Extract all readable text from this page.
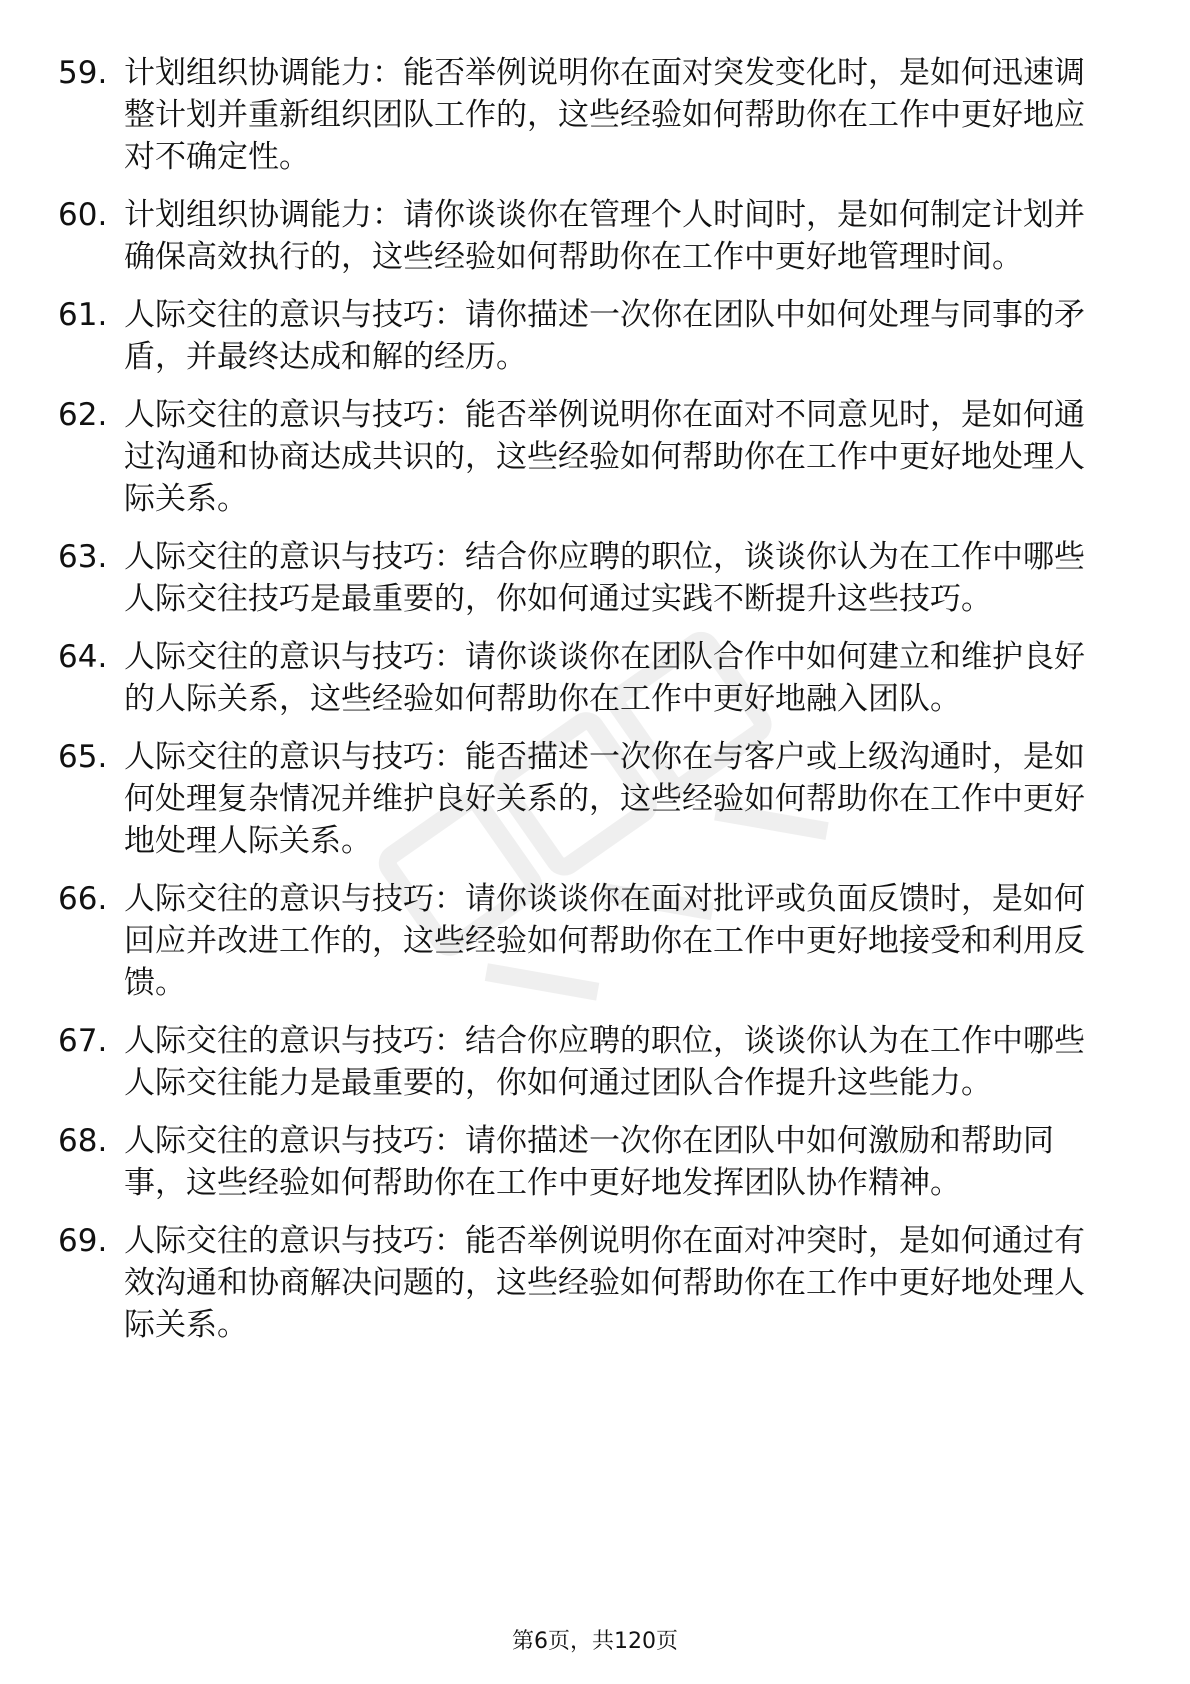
59. 计划组织协调能力：能否举例说明你在面对突发变化时，是如何迅速调整计划并重新组织团队工作的，这些经验如何帮助你在工作中更好地应对不确定性。
60. 计划组织协调能力：请你谈谈你在管理个人时间时，是如何制定计划并确保高效执行的，这些经验如何帮助你在工作中更好地管理时间。
61. 人际交往的意识与技巧：请你描述一次你在团队中如何处理与同事的矛盾，并最终达成和解的经历。
62. 人际交往的意识与技巧：能否举例说明你在面对不同意见时，是如何通过沟通和协商达成共识的，这些经验如何帮助你在工作中更好地处理人际关系。
63. 人际交往的意识与技巧：结合你应聘的职位，谈谈你认为在工作中哪些人际交往技巧是最重要的，你如何通过实践不断提升这些技巧。
64. 人际交往的意识与技巧：请你谈谈你在团队合作中如何建立和维护良好的人际关系，这些经验如何帮助你在工作中更好地融入团队。
65. 人际交往的意识与技巧：能否描述一次你在与客户或上级沟通时，是如何处理复杂情况并维护良好关系的，这些经验如何帮助你在工作中更好地处理人际关系。
66. 人际交往的意识与技巧：请你谈谈你在面对批评或负面反馈时，是如何回应并改进工作的，这些经验如何帮助你在工作中更好地接受和利用反馈。
67. 人际交往的意识与技巧：结合你应聘的职位，谈谈你认为在工作中哪些人际交往能力是最重要的，你如何通过团队合作提升这些能力。
68. 人际交往的意识与技巧：请你描述一次你在团队中如何激励和帮助同事，这些经验如何帮助你在工作中更好地发挥团队协作精神。
69. 人际交往的意识与技巧：能否举例说明你在面对冲突时，是如何通过有效沟通和协商解决问题的，这些经验如何帮助你在工作中更好地处理人际关系。
第6页，共120页
